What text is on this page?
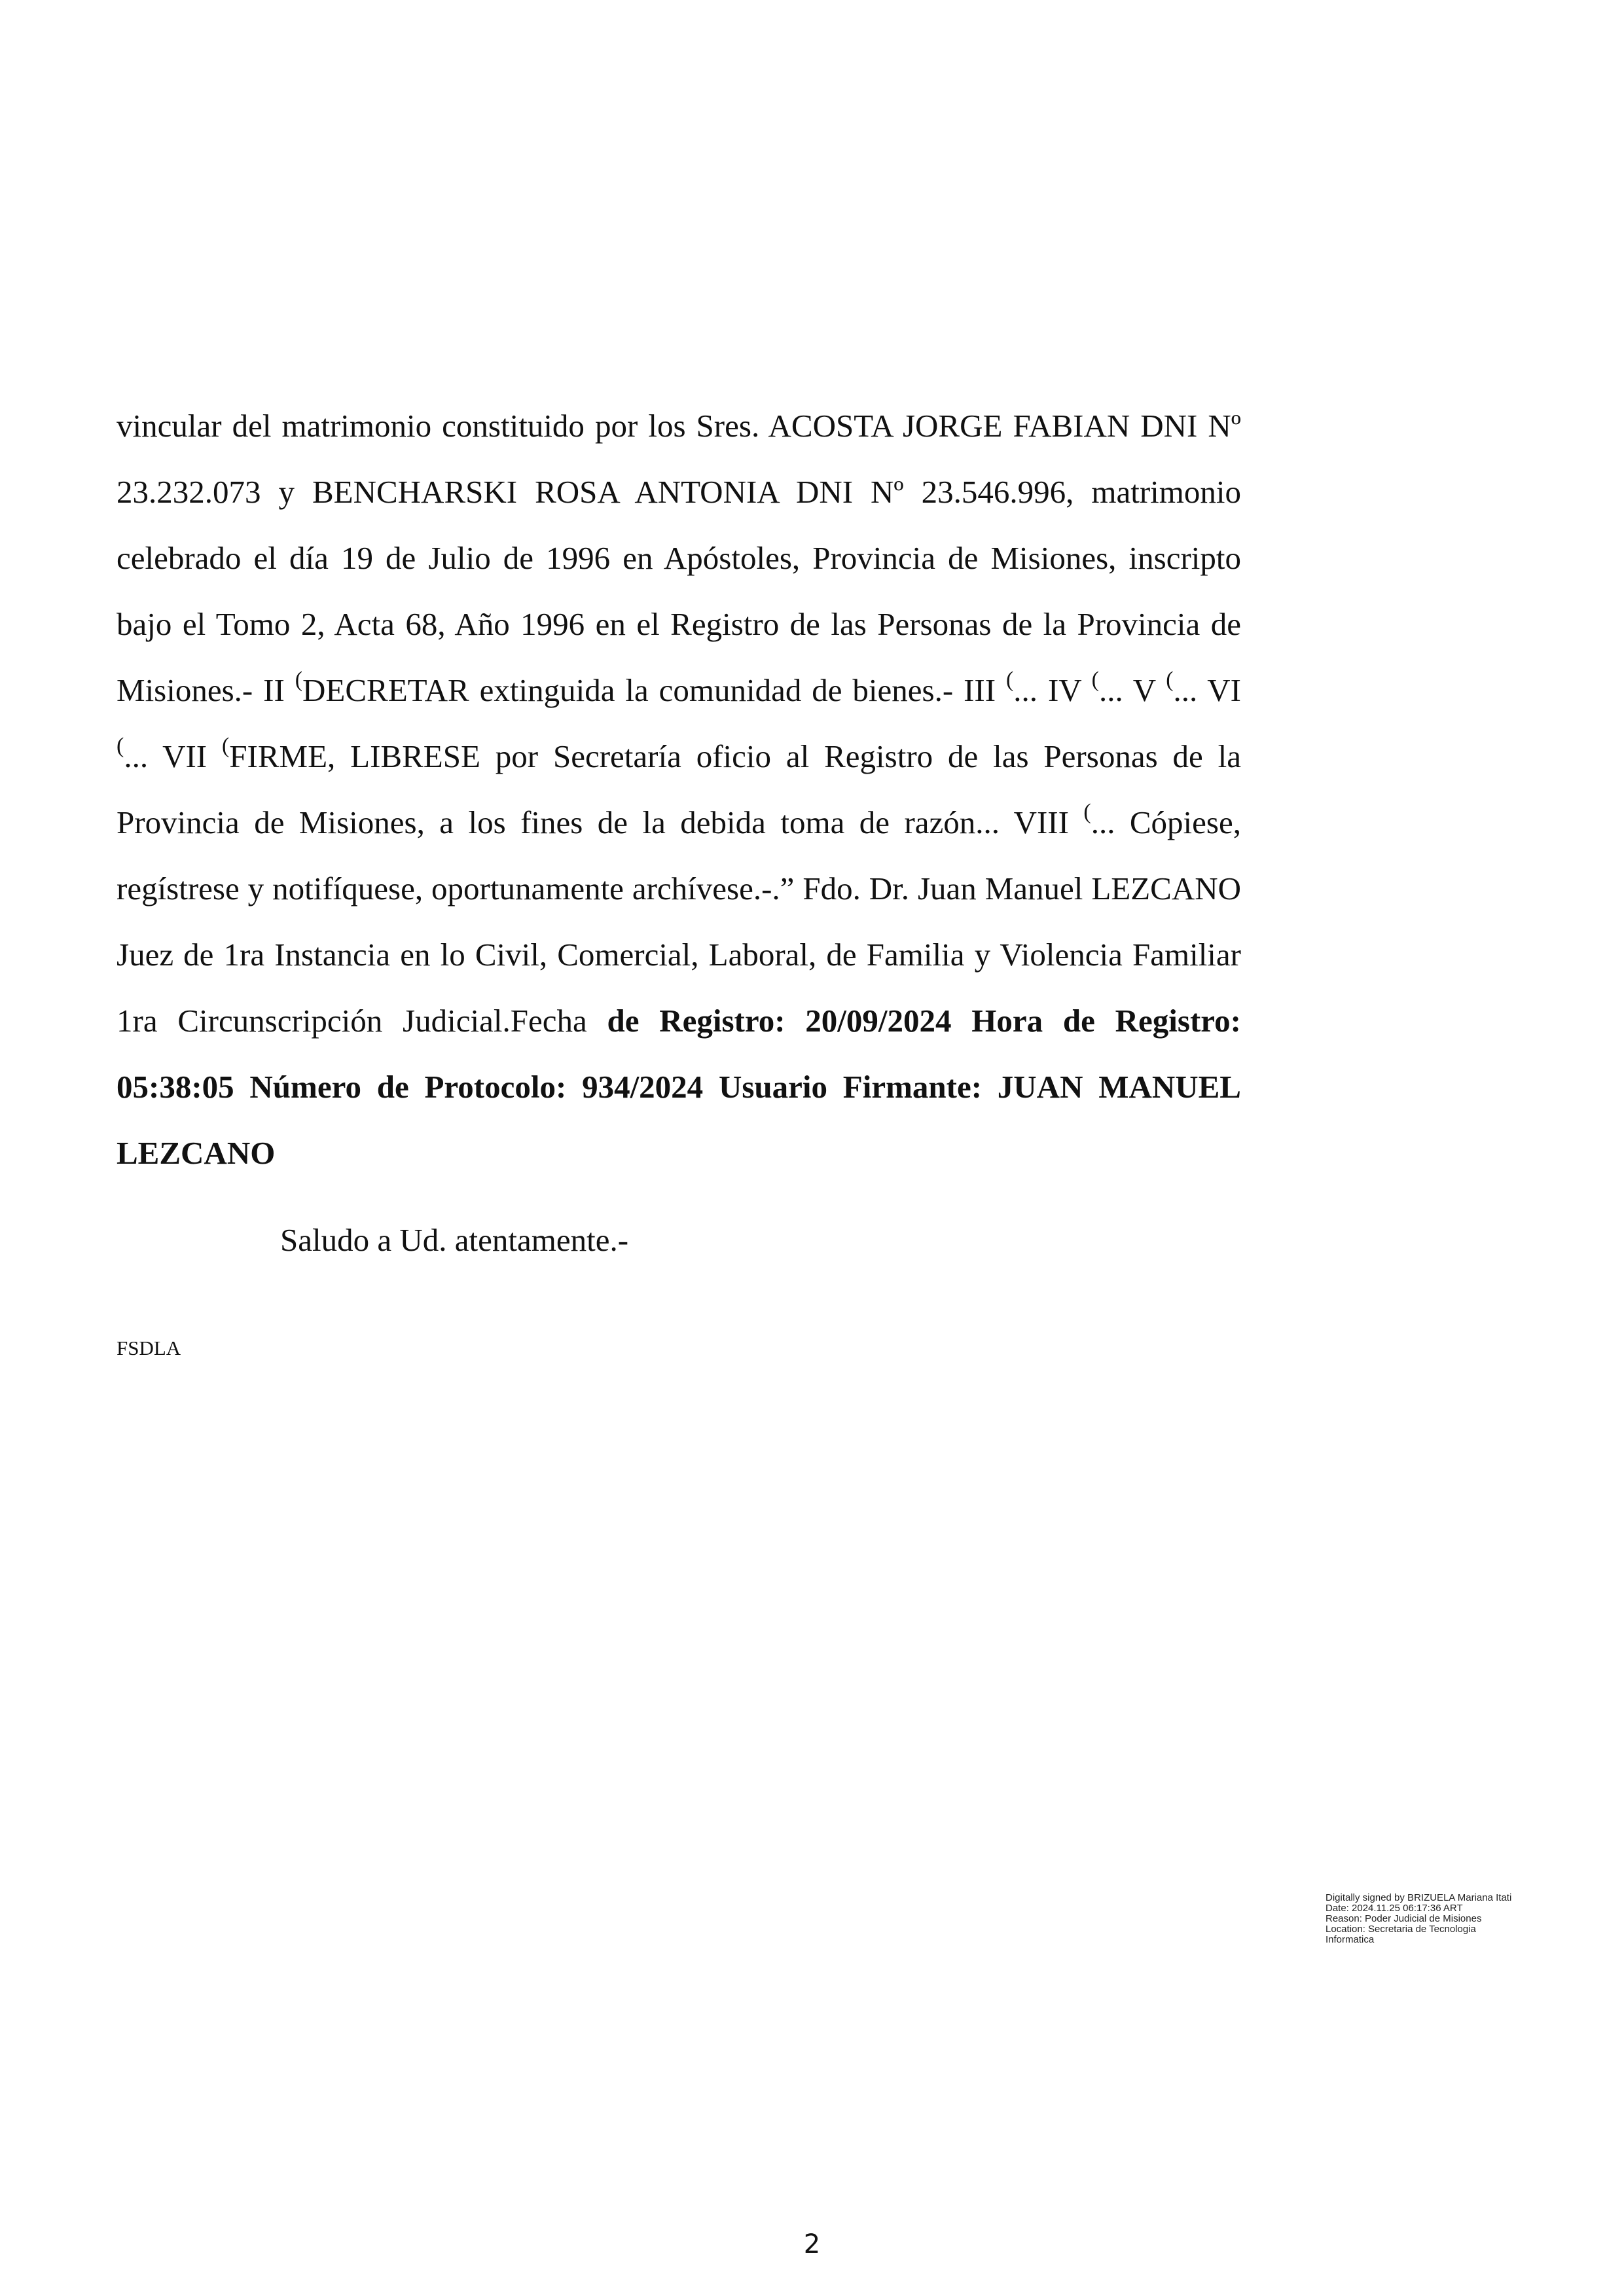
vincular del matrimonio constituido por los Sres. ACOSTA JORGE FABIAN DNI Nº 23.232.073 y BENCHARSKI ROSA ANTONIA DNI Nº 23.546.996, matrimonio celebrado el día 19 de Julio de 1996 en Apóstoles, Provincia de Misiones, inscripto bajo el Tomo 2, Acta 68, Año 1996 en el Registro de las Personas de la Provincia de Misiones.- II (DECRETAR extinguida la comunidad de bienes.- III (... IV (... V (... VI (... VII (FIRME, LIBRESE por Secretaría oficio al Registro de las Personas de la Provincia de Misiones, a los fines de la debida toma de razón... VIII (... Cópiese, regístrese y notifíquese, oportunamente archívese.-.” Fdo. Dr. Juan Manuel LEZCANO Juez de 1ra Instancia en lo Civil, Comercial, Laboral, de Familia y Violencia Familiar 1ra Circunscripción Judicial.Fecha de Registro: 20/09/2024 Hora de Registro: 05:38:05 Número de Protocolo: 934/2024 Usuario Firmante: JUAN MANUEL LEZCANO

Saludo a Ud. atentamente.-

FSDLA

Digitally signed by BRIZUELA Mariana Itati
Date: 2024.11.25 06:17:36 ART
Reason: Poder Judicial de Misiones
Location: Secretaria de Tecnologia
Informatica

2
